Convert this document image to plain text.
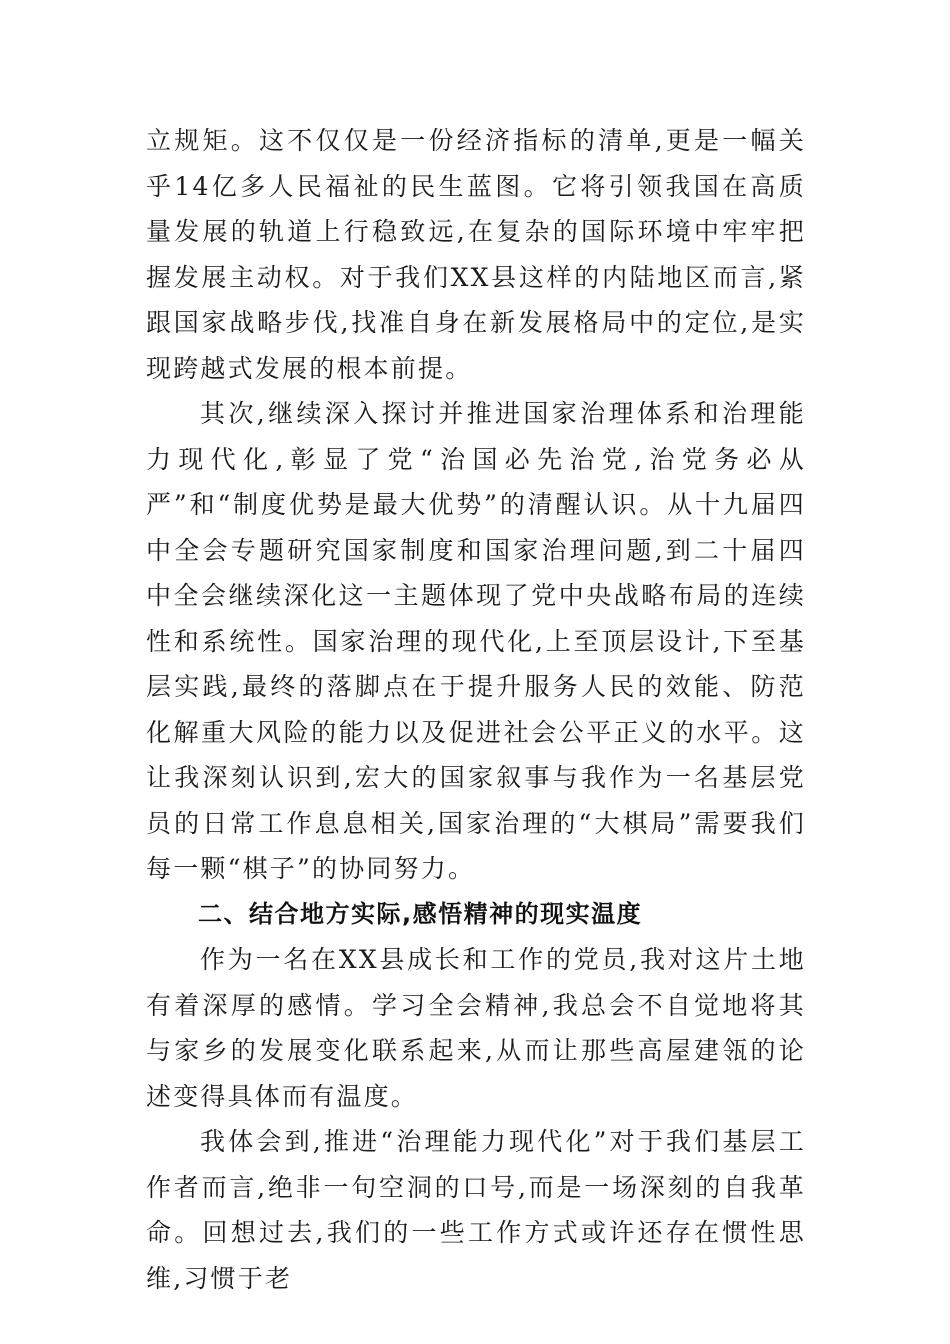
立规矩。这不仅仅是一份经济指标的清单,更是一幅关乎14亿多人民福祉的民生蓝图。它将引领我国在高质量发展的轨道上行稳致远,在复杂的国际环境中牢牢把握发展主动权。对于我们XX县这样的内陆地区而言,紧跟国家战略步伐,找准自身在新发展格局中的定位,是实现跨越式发展的根本前提。

其次,继续深入探讨并推进国家治理体系和治理能力现代化,彰显了党“治国必先治党,治党务必从严”和“制度优势是最大优势”的清醒认识。从十九届四中全会专题研究国家制度和国家治理问题,到二十届四中全会继续深化这一主题体现了党中央战略布局的连续性和系统性。国家治理的现代化,上至顶层设计,下至基层实践,最终的落脚点在于提升服务人民的效能、防范化解重大风险的能力以及促进社会公平正义的水平。这让我深刻认识到,宏大的国家叙事与我作为一名基层党员的日常工作息息相关,国家治理的“大棋局”需要我们每一颗“棋子”的协同努力。

二、结合地方实际,感悟精神的现实温度

作为一名在XX县成长和工作的党员,我对这片土地有着深厚的感情。学习全会精神,我总会不自觉地将其与家乡的发展变化联系起来,从而让那些高屋建瓴的论述变得具体而有温度。

我体会到,推进“治理能力现代化”对于我们基层工作者而言,绝非一句空洞的口号,而是一场深刻的自我革命。回想过去,我们的一些工作方式或许还存在惯性思维,习惯于老
